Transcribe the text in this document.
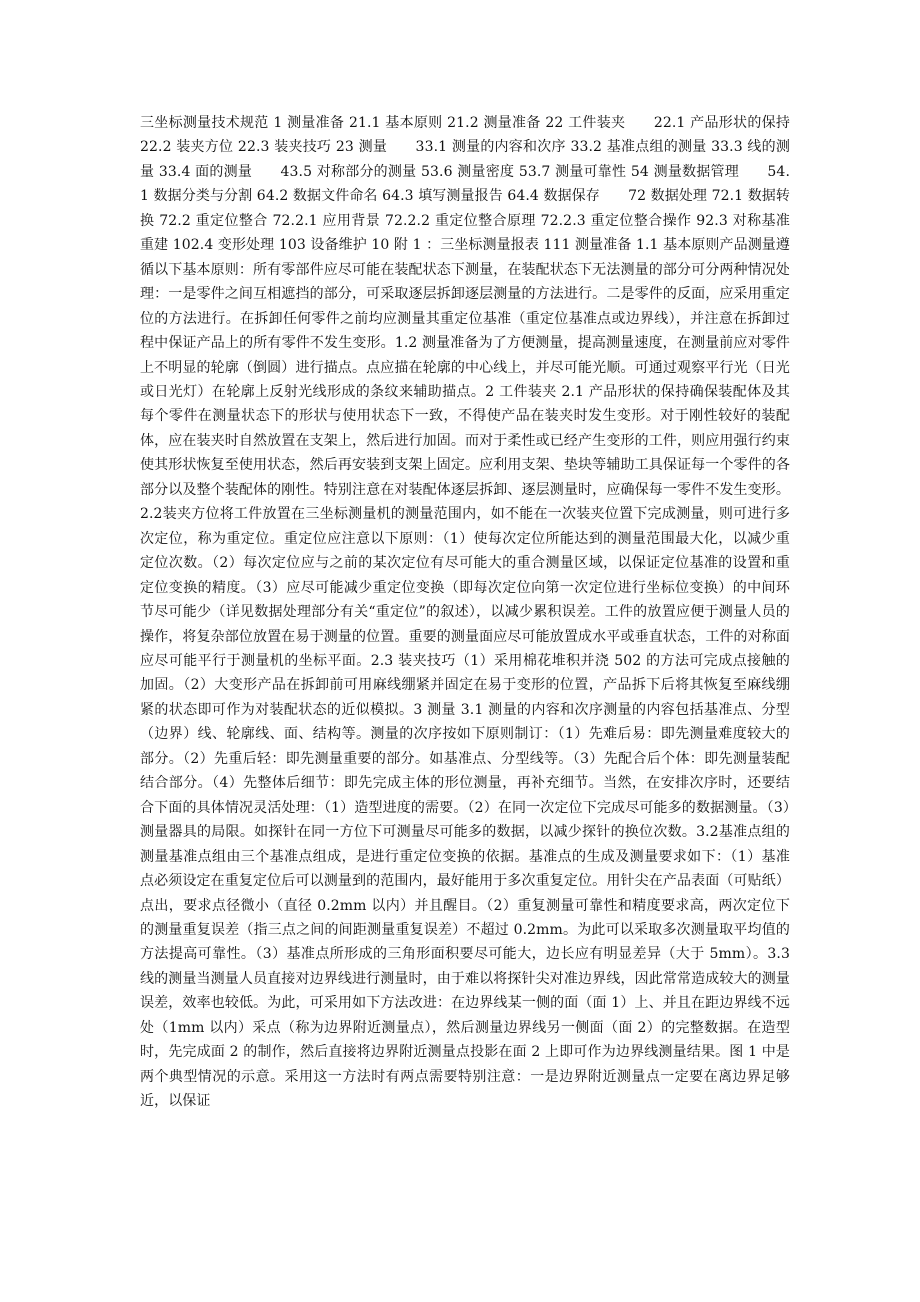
三坐标测量技术规范 1 测量准备 21.1 基本原则 21.2 测量准备 22 工件装夹　　22.1 产品形状的保持 22.2 装夹方位 22.3 装夹技巧 23 测量　　33.1 测量的内容和次序 33.2 基准点组的测量 33.3 线的测量 33.4 面的测量　　43.5 对称部分的测量 53.6 测量密度 53.7 测量可靠性 54 测量数据管理　　54.1 数据分类与分割 64.2 数据文件命名 64.3 填写测量报告 64.4 数据保存　　72 数据处理 72.1 数据转换 72.2 重定位整合 72.2.1 应用背景 72.2.2 重定位整合原理 72.2.3 重定位整合操作 92.3 对称基准重建 102.4 变形处理 103 设备维护 10 附 1 ：三坐标测量报表 111 测量准备 1.1 基本原则产品测量遵循以下基本原则：所有零部件应尽可能在装配状态下测量，在装配状态下无法测量的部分可分两种情况处理：一是零件之间互相遮挡的部分，可采取逐层拆卸逐层测量的方法进行。二是零件的反面，应采用重定位的方法进行。在拆卸任何零件之前均应测量其重定位基准（重定位基准点或边界线），并注意在拆卸过程中保证产品上的所有零件不发生变形。1.2 测量准备为了方便测量，提高测量速度，在测量前应对零件上不明显的轮廓（倒圆）进行描点。点应描在轮廓的中心线上，并尽可能光顺。可通过观察平行光（日光或日光灯）在轮廓上反射光线形成的条纹来辅助描点。2 工件装夹 2.1 产品形状的保持确保装配体及其每个零件在测量状态下的形状与使用状态下一致，不得使产品在装夹时发生变形。对于刚性较好的装配体，应在装夹时自然放置在支架上，然后进行加固。而对于柔性或已经产生变形的工件，则应用强行约束使其形状恢复至使用状态，然后再安装到支架上固定。应利用支架、垫块等辅助工具保证每一个零件的各部分以及整个装配体的刚性。特别注意在对装配体逐层拆卸、逐层测量时，应确保每一零件不发生变形。2.2装夹方位将工件放置在三坐标测量机的测量范围内，如不能在一次装夹位置下完成测量，则可进行多次定位，称为重定位。重定位应注意以下原则：（1）使每次定位所能达到的测量范围最大化，以减少重定位次数。（2）每次定位应与之前的某次定位有尽可能大的重合测量区域，以保证定位基准的设置和重定位变换的精度。（3）应尽可能减少重定位变换（即每次定位向第一次定位进行坐标位变换）的中间环节尽可能少（详见数据处理部分有关“重定位”的叙述），以减少累积误差。工件的放置应便于测量人员的操作，将复杂部位放置在易于测量的位置。重要的测量面应尽可能放置成水平或垂直状态，工件的对称面应尽可能平行于测量机的坐标平面。2.3 装夹技巧（1）采用棉花堆积并浇 502 的方法可完成点接触的加固。（2）大变形产品在拆卸前可用麻线绷紧并固定在易于变形的位置，产品拆下后将其恢复至麻线绷紧的状态即可作为对装配状态的近似模拟。3 测量 3.1 测量的内容和次序测量的内容包括基准点、分型（边界）线、轮廓线、面、结构等。测量的次序按如下原则制订：（1）先难后易：即先测量难度较大的部分。（2）先重后轻：即先测量重要的部分。如基准点、分型线等。（3）先配合后个体：即先测量装配结合部分。（4）先整体后细节：即先完成主体的形位测量，再补充细节。当然，在安排次序时，还要结合下面的具体情况灵活处理：（1）造型进度的需要。（2）在同一次定位下完成尽可能多的数据测量。（3）测量器具的局限。如探针在同一方位下可测量尽可能多的数据，以减少探针的换位次数。3.2基准点组的测量基准点组由三个基准点组成，是进行重定位变换的依据。基准点的生成及测量要求如下：（1）基准点必须设定在重复定位后可以测量到的范围内，最好能用于多次重复定位。用针尖在产品表面（可贴纸）点出，要求点径微小（直径 0.2mm 以内）并且醒目。（2）重复测量可靠性和精度要求高，两次定位下的测量重复误差（指三点之间的间距测量重复误差）不超过 0.2mm。为此可以采取多次测量取平均值的方法提高可靠性。（3）基准点所形成的三角形面积要尽可能大，边长应有明显差异（大于 5mm）。3.3 线的测量当测量人员直接对边界线进行测量时，由于难以将探针尖对准边界线，因此常常造成较大的测量误差，效率也较低。为此，可采用如下方法改进：在边界线某一侧的面（面 1）上、并且在距边界线不远处（1mm 以内）采点（称为边界附近测量点），然后测量边界线另一侧面（面 2）的完整数据。在造型时，先完成面 2 的制作，然后直接将边界附近测量点投影在面 2 上即可作为边界线测量结果。图 1 中是两个典型情况的示意。采用这一方法时有两点需要特别注意：一是边界附近测量点一定要在离边界足够近，以保证
